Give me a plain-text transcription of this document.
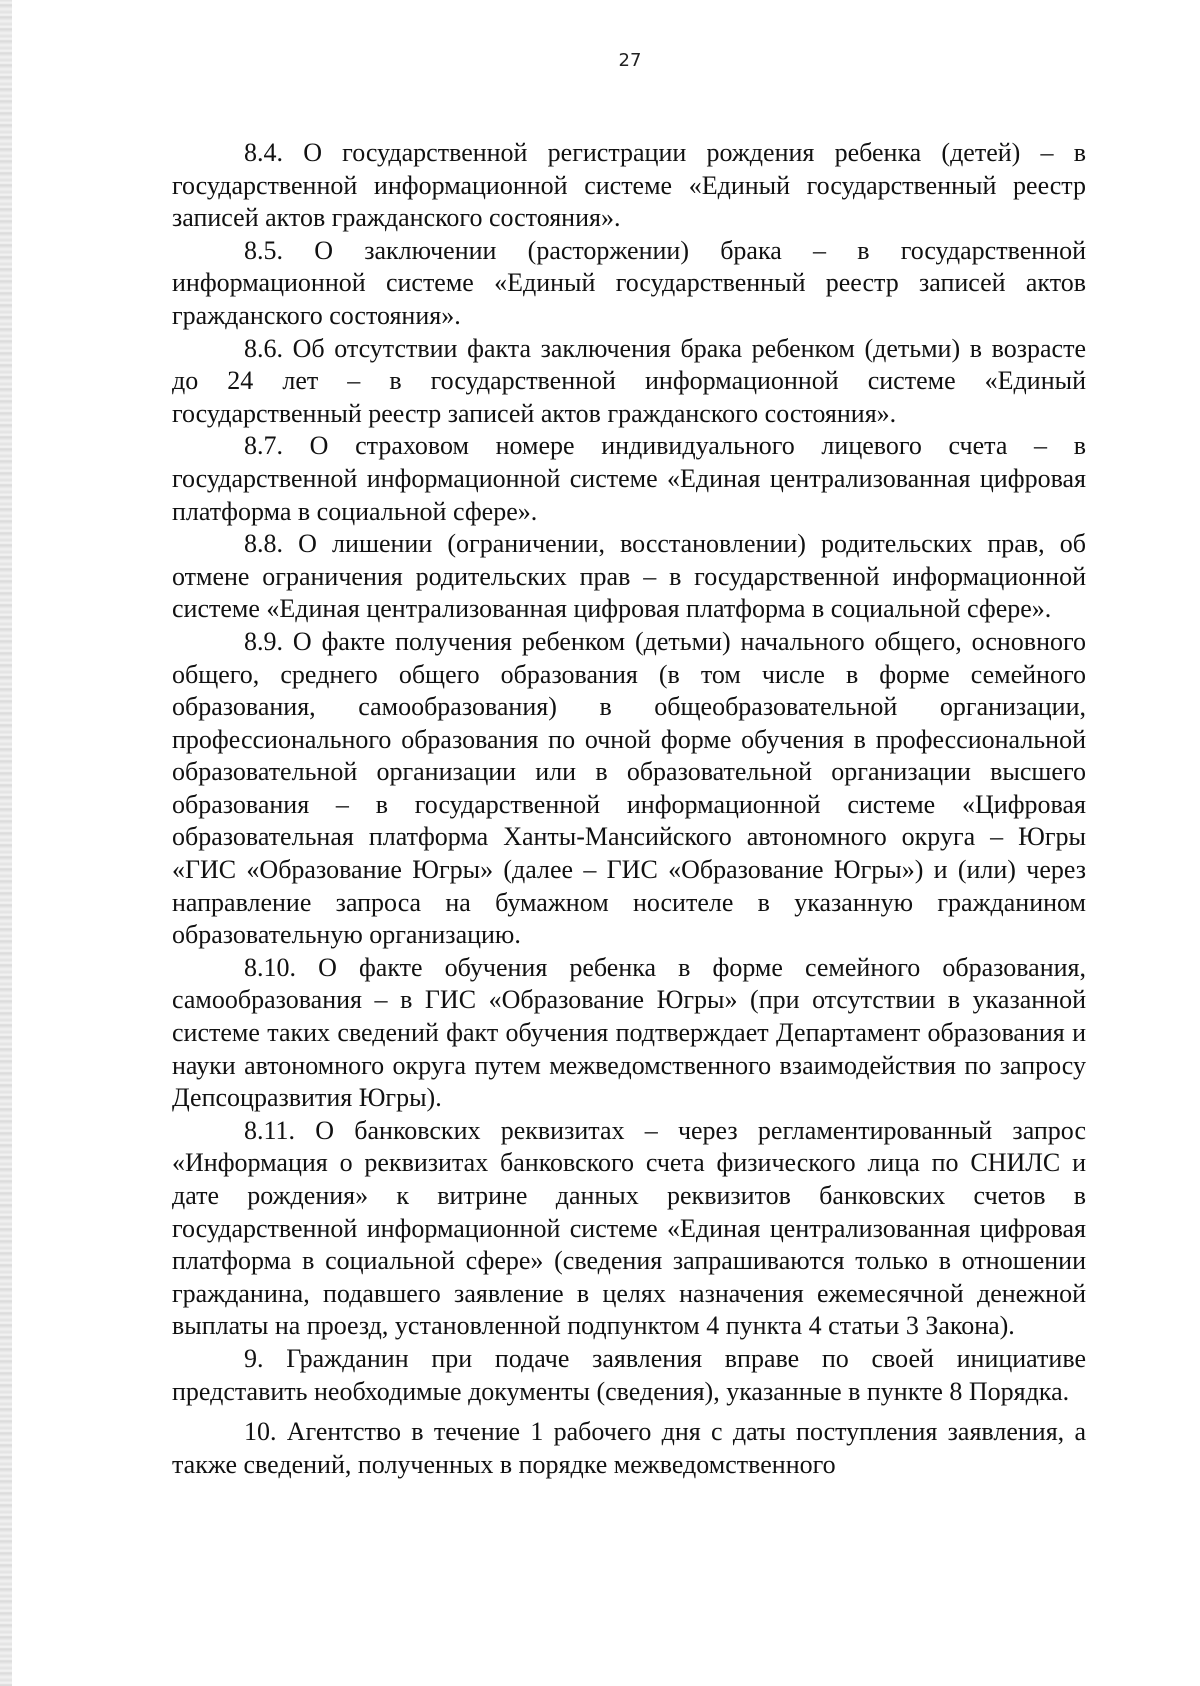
27

8.4. О государственной регистрации рождения ребенка (детей) – в государственной информационной системе «Единый государственный реестр записей актов гражданского состояния».

8.5. О заключении (расторжении) брака – в государственной информационной системе «Единый государственный реестр записей актов гражданского состояния».

8.6. Об отсутствии факта заключения брака ребенком (детьми) в возрасте до 24 лет – в государственной информационной системе «Единый государственный реестр записей актов гражданского состояния».

8.7. О страховом номере индивидуального лицевого счета – в государственной информационной системе «Единая централизованная цифровая платформа в социальной сфере».

8.8. О лишении (ограничении, восстановлении) родительских прав, об отмене ограничения родительских прав – в государственной информационной системе «Единая централизованная цифровая платформа в социальной сфере».

8.9. О факте получения ребенком (детьми) начального общего, основного общего, среднего общего образования (в том числе в форме семейного образования, самообразования) в общеобразовательной организации, профессионального образования по очной форме обучения в профессиональной образовательной организации или в образовательной организации высшего образования – в государственной информационной системе «Цифровая образовательная платформа Ханты-Мансийского автономного округа – Югры «ГИС «Образование Югры» (далее – ГИС «Образование Югры») и (или) через направление запроса на бумажном носителе в указанную гражданином образовательную организацию.

8.10. О факте обучения ребенка в форме семейного образования, самообразования – в ГИС «Образование Югры» (при отсутствии в указанной системе таких сведений факт обучения подтверждает Департамент образования и науки автономного округа путем межведомственного взаимодействия по запросу Депсоцразвития Югры).

8.11. О банковских реквизитах – через регламентированный запрос «Информация о реквизитах банковского счета физического лица по СНИЛС и дате рождения» к витрине данных реквизитов банковских счетов в государственной информационной системе «Единая централизованная цифровая платформа в социальной сфере» (сведения запрашиваются только в отношении гражданина, подавшего заявление в целях назначения ежемесячной денежной выплаты на проезд, установленной подпунктом 4 пункта 4 статьи 3 Закона).

9. Гражданин при подаче заявления вправе по своей инициативе представить необходимые документы (сведения), указанные в пункте 8 Порядка.

10. Агентство в течение 1 рабочего дня с даты поступления заявления, а также сведений, полученных в порядке межведомственного
